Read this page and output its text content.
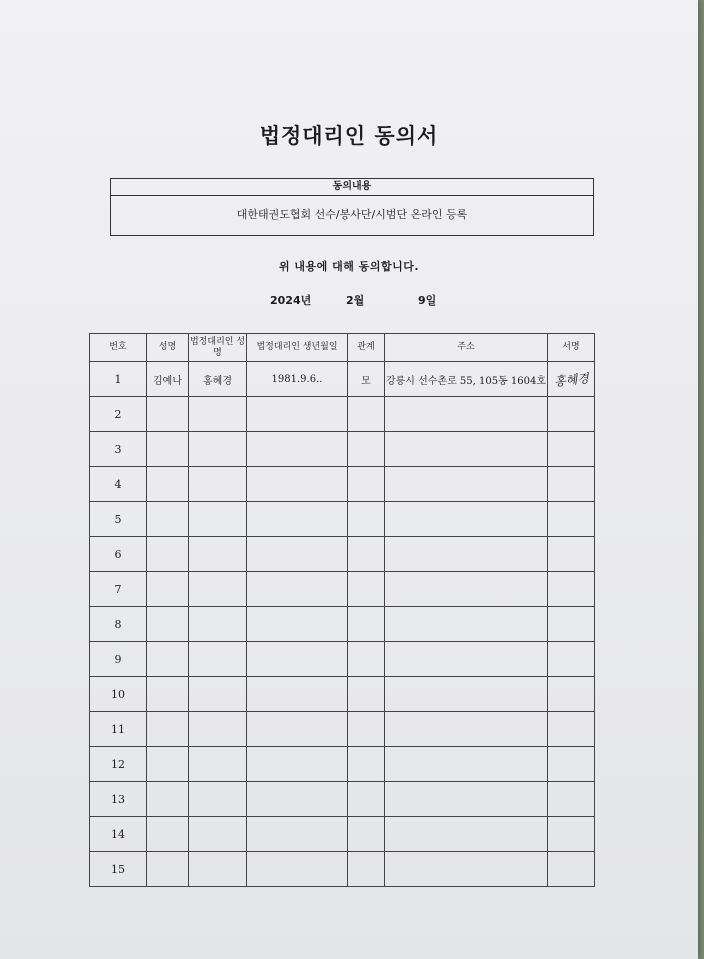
법정대리인 동의서
동의내용
대한태권도협회 선수/봉사단/시범단 온라인 등록
위 내용에 대해 동의합니다.
2024년	2월	9일
번호	성명	법정대리인 성명	법정대리인 생년월일	관계	주소	서명
1	김예나	홍혜경	1981.9.6..	모	강릉시 선수촌로 55, 105동 1604호	홍혜경
2						
3						
4						
5						
6						
7						
8						
9						
10						
11						
12						
13						
14						
15						
